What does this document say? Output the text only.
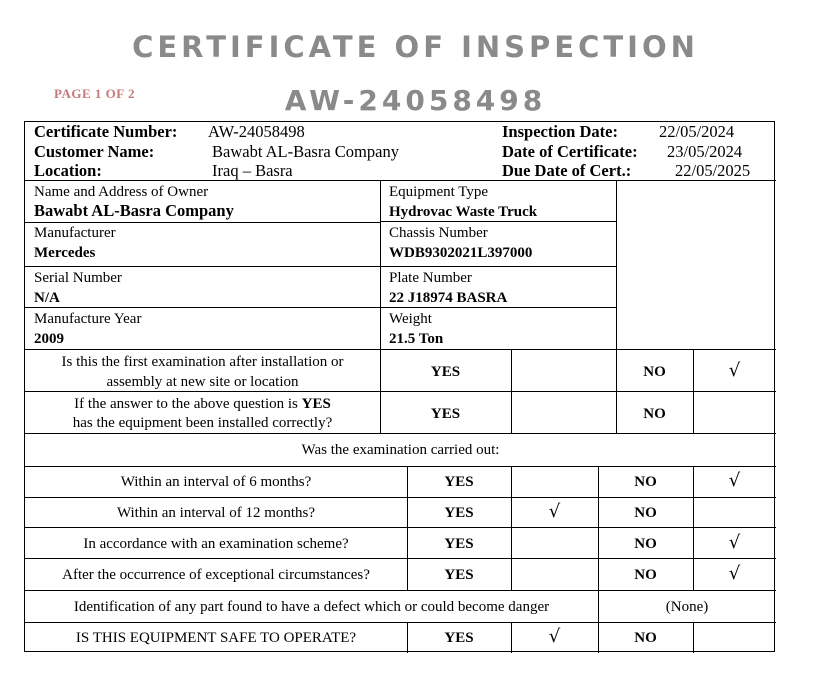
CERTIFICATE OF INSPECTION
PAGE 1 OF 2	AW-24058498
Certificate Number: AW-24058498
Customer Name:	Bawabt AL-Basra Company
Location:	Iraq – Basra
Inspection Date: 22/05/2024
Date of Certificate: 23/05/2024
Due Date of Cert.:	22/05/2025
Name and Address of Owner
Bawabt AL-Basra Company
Equipment Type
Hydrovac Waste Truck
Manufacturer
Mercedes
Chassis Number
WDB9302021L397000
Serial Number
N/A
Plate Number
22 J18974 BASRA
Manufacture Year
2009
Weight
21.5 Ton
Is this the first examination after installation or
assembly at new site or location
YES	NO	√
If the answer to the above question is YES
has the equipment been installed correctly?
YES	NO
Was the examination carried out:
Within an interval of 6 months?	YES	NO	√
Within an interval of 12 months?	YES	√	NO
In accordance with an examination scheme?	YES	NO	√
After the occurrence of exceptional circumstances?	YES	NO	√
Identification of any part found to have a defect which or could become danger	(None)
IS THIS EQUIPMENT SAFE TO OPERATE?	YES	√	NO
